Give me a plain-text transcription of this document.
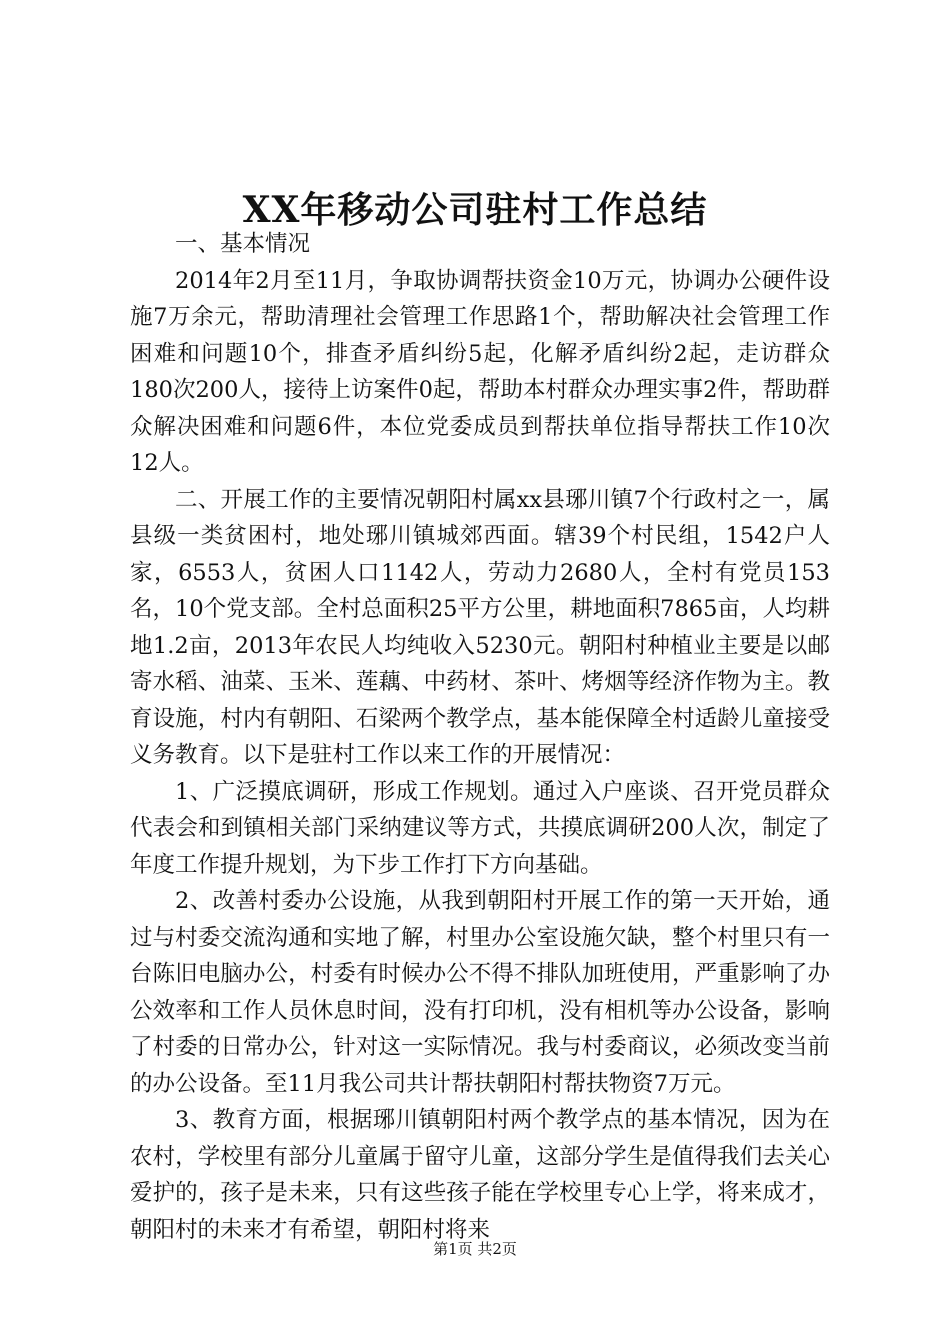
XX年移动公司驻村工作总结

一、基本情况

2014年2月至11月，争取协调帮扶资金10万元，协调办公硬件设施7万余元，帮助清理社会管理工作思路1个，帮助解决社会管理工作困难和问题10个，排查矛盾纠纷5起，化解矛盾纠纷2起，走访群众180次200人，接待上访案件0起，帮助本村群众办理实事2件，帮助群众解决困难和问题6件，本位党委成员到帮扶单位指导帮扶工作10次12人。

二、开展工作的主要情况朝阳村属xx县琊川镇7个行政村之一，属县级一类贫困村，地处琊川镇城郊西面。辖39个村民组，1542户人家，6553人，贫困人口1142人，劳动力2680人，全村有党员153名，10个党支部。全村总面积25平方公里，耕地面积7865亩，人均耕地1.2亩，2013年农民人均纯收入5230元。朝阳村种植业主要是以邮寄水稻、油菜、玉米、莲藕、中药材、茶叶、烤烟等经济作物为主。教育设施，村内有朝阳、石梁两个教学点，基本能保障全村适龄儿童接受义务教育。以下是驻村工作以来工作的开展情况：

1、广泛摸底调研，形成工作规划。通过入户座谈、召开党员群众代表会和到镇相关部门采纳建议等方式，共摸底调研200人次，制定了年度工作提升规划，为下步工作打下方向基础。

2、改善村委办公设施，从我到朝阳村开展工作的第一天开始，通过与村委交流沟通和实地了解，村里办公室设施欠缺，整个村里只有一台陈旧电脑办公，村委有时候办公不得不排队加班使用，严重影响了办公效率和工作人员休息时间，没有打印机，没有相机等办公设备，影响了村委的日常办公，针对这一实际情况。我与村委商议，必须改变当前的办公设备。至11月我公司共计帮扶朝阳村帮扶物资7万元。

3、教育方面，根据琊川镇朝阳村两个教学点的基本情况，因为在农村，学校里有部分儿童属于留守儿童，这部分学生是值得我们去关心爱护的，孩子是未来，只有这些孩子能在学校里专心上学，将来成才，朝阳村的未来才有希望，朝阳村将来

第1页 共2页
